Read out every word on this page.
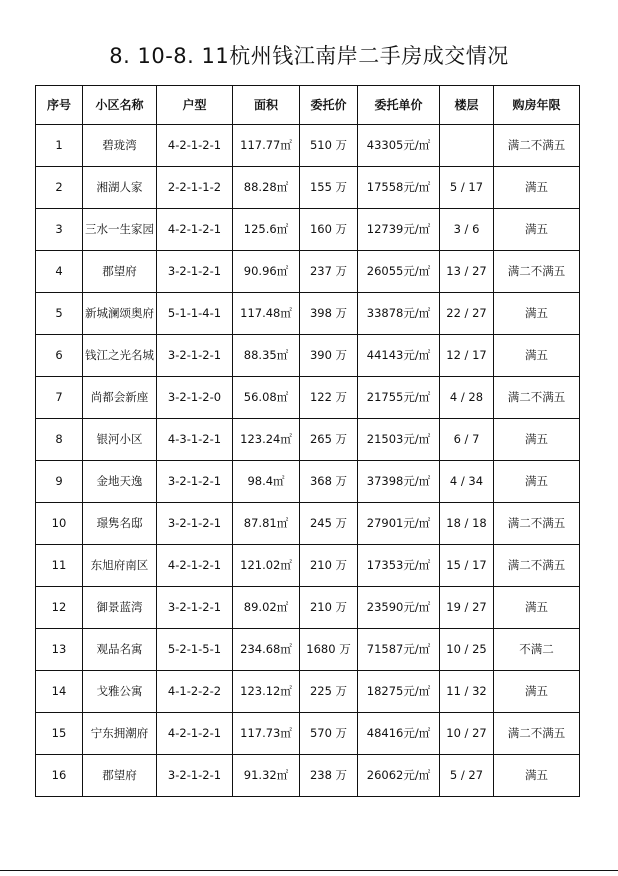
8. 10-8. 11杭州钱江南岸二手房成交情况
序号	小区名称	户型	面积	委托价	委托单价	楼层	购房年限
1	碧珑湾	4-2-1-2-1	117.77㎡	510 万	43305元/㎡		满二不满五
2	湘湖人家	2-2-1-1-2	88.28㎡	155 万	17558元/㎡	5 / 17	满五
3	三水一生家园	4-2-1-2-1	125.6㎡	160 万	12739元/㎡	3 / 6	满五
4	郡望府	3-2-1-2-1	90.96㎡	237 万	26055元/㎡	13 / 27	满二不满五
5	新城澜颂奥府	5-1-1-4-1	117.48㎡	398 万	33878元/㎡	22 / 27	满五
6	钱江之光名城	3-2-1-2-1	88.35㎡	390 万	44143元/㎡	12 / 17	满五
7	尚都会新座	3-2-1-2-0	56.08㎡	122 万	21755元/㎡	4 / 28	满二不满五
8	银河小区	4-3-1-2-1	123.24㎡	265 万	21503元/㎡	6 / 7	满五
9	金地天逸	3-2-1-2-1	98.4㎡	368 万	37398元/㎡	4 / 34	满五
10	璟隽名邸	3-2-1-2-1	87.81㎡	245 万	27901元/㎡	18 / 18	满二不满五
11	东旭府南区	4-2-1-2-1	121.02㎡	210 万	17353元/㎡	15 / 17	满二不满五
12	御景蓝湾	3-2-1-2-1	89.02㎡	210 万	23590元/㎡	19 / 27	满五
13	观品名寓	5-2-1-5-1	234.68㎡	1680 万	71587元/㎡	10 / 25	不满二
14	戈雅公寓	4-1-2-2-2	123.12㎡	225 万	18275元/㎡	11 / 32	满五
15	宁东拥潮府	4-2-1-2-1	117.73㎡	570 万	48416元/㎡	10 / 27	满二不满五
16	郡望府	3-2-1-2-1	91.32㎡	238 万	26062元/㎡	5 / 27	满五
